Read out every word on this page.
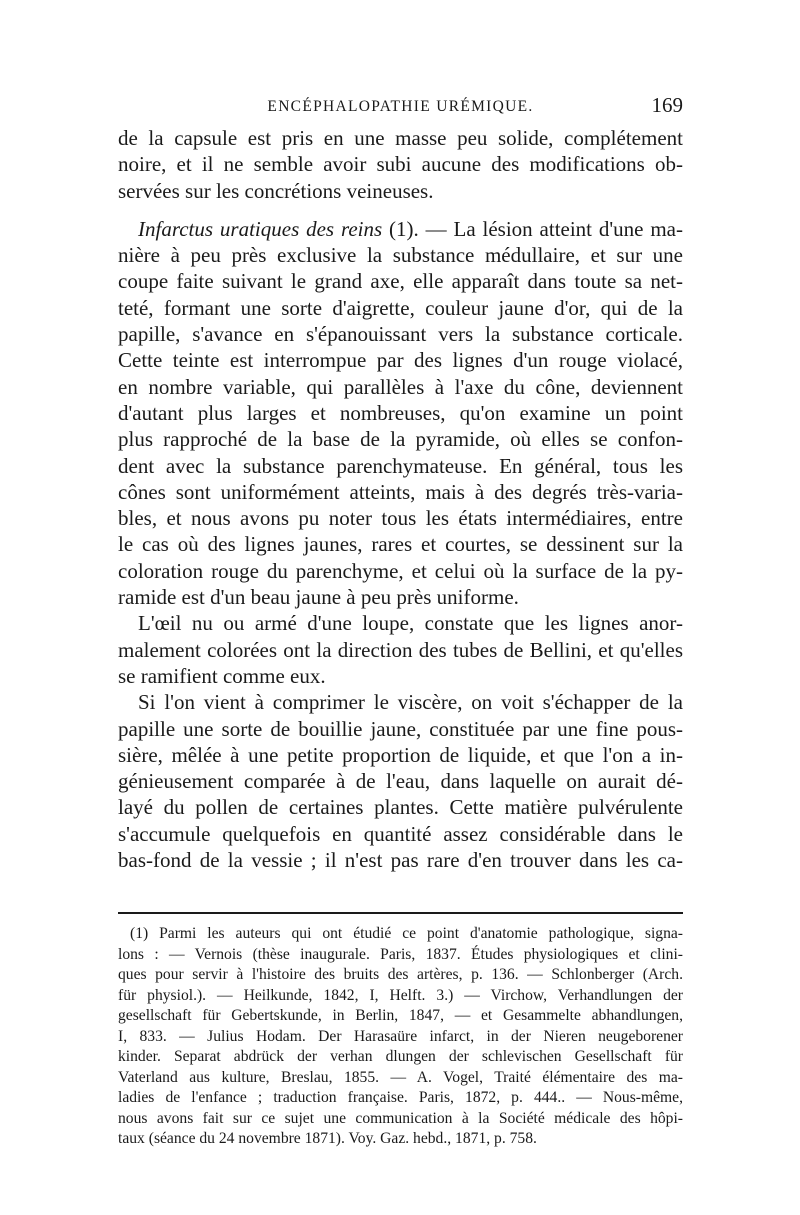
ENCÉPHALOPATHIE URÉMIQUE.	169
de la capsule est pris en une masse peu solide, complétement
noire, et il ne semble avoir subi aucune des modifications ob-
servées sur les concrétions veineuses.
Infarctus uratiques des reins (1). — La lésion atteint d'une ma-
nière à peu près exclusive la substance médullaire, et sur une
coupe faite suivant le grand axe, elle apparaît dans toute sa net-
teté, formant une sorte d'aigrette, couleur jaune d'or, qui de la
papille, s'avance en s'épanouissant vers la substance corticale.
Cette teinte est interrompue par des lignes d'un rouge violacé,
en nombre variable, qui parallèles à l'axe du cône, deviennent
d'autant plus larges et nombreuses, qu'on examine un point
plus rapproché de la base de la pyramide, où elles se confon-
dent avec la substance parenchymateuse. En général, tous les
cônes sont uniformément atteints, mais à des degrés très-varia-
bles, et nous avons pu noter tous les états intermédiaires, entre
le cas où des lignes jaunes, rares et courtes, se dessinent sur la
coloration rouge du parenchyme, et celui où la surface de la py-
ramide est d'un beau jaune à peu près uniforme.
L'œil nu ou armé d'une loupe, constate que les lignes anor-
malement colorées ont la direction des tubes de Bellini, et qu'elles
se ramifient comme eux.
Si l'on vient à comprimer le viscère, on voit s'échapper de la
papille une sorte de bouillie jaune, constituée par une fine pous-
sière, mêlée à une petite proportion de liquide, et que l'on a in-
génieusement comparée à de l'eau, dans laquelle on aurait dé-
layé du pollen de certaines plantes. Cette matière pulvérulente
s'accumule quelquefois en quantité assez considérable dans le
bas-fond de la vessie ; il n'est pas rare d'en trouver dans les ca-
(1) Parmi les auteurs qui ont étudié ce point d'anatomie pathologique, signa-
lons : — Vernois (thèse inaugurale. Paris, 1837. Études physiologiques et clini-
ques pour servir à l'histoire des bruits des artères, p. 136. — Schlonberger (Arch.
für physiol.). — Heilkunde, 1842, I, Helft. 3.) — Virchow, Verhandlungen der
gesellschaft für Gebertskunde, in Berlin, 1847, — et Gesammelte abhandlungen,
I, 833. — Julius Hodam. Der Harasaüre infarct, in der Nieren neugeborener
kinder. Separat abdrück der verhan dlungen der schlevischen Gesellschaft für
Vaterland aus kulture, Breslau, 1855. — A. Vogel, Traité élémentaire des ma-
ladies de l'enfance ; traduction française. Paris, 1872, p. 444.. — Nous-même,
nous avons fait sur ce sujet une communication à la Société médicale des hôpi-
taux (séance du 24 novembre 1871). Voy. Gaz. hebd., 1871, p. 758.
